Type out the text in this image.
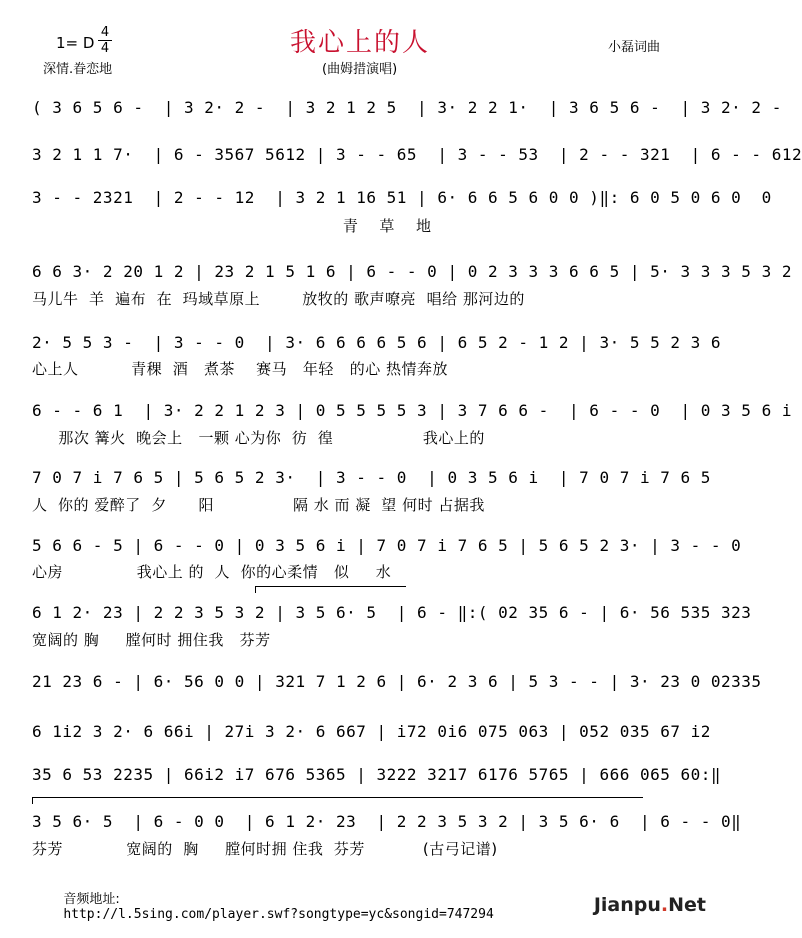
我心上的人
1= D
4
4	小磊词曲
深情.眷恋地	(曲姆措演唱)
( 3 6 5 6 -  | 3 2· 2 -  | 3 2 1 2 5  | 3· 2 2 1·  | 3 6 5 6 -  | 3 2· 2 -
3 2 1 1 7·  | 6 - 3567 5612 | 3 - - 65  | 3 - - 53  | 2 - - 321  | 6 - - 612
3 - - 2321  | 2 - - 12  | 3 2 1 16 51 | 6· 6 6 5 6 0 0 )‖: 6 0 5 0 6 0  0
青    草    地
6 6 3· 2 20 1 2 | 23 2 1 5 1 6 | 6 - - 0 | 0 2 3 3 3 6 6 5 | 5· 3 3 3 5 3 2
马儿牛  羊  遍布  在  玛域草原上        放牧的 歌声嘹亮  唱给 那河边的
2· 5 5 3 -  | 3 - - 0  | 3· 6 6 6 6 5 6 | 6 5 2 - 1 2 | 3· 5 5 2 3 6
心上人          青稞  酒   煮茶    赛马   年轻   的心 热情奔放
6 - - 6 1  | 3· 2 2 1 2 3 | 0 5 5 5 5 3 | 3 7 6 6 -  | 6 - - 0  | 0 3 5 6 i
那次 篝火  晚会上   一颗 心为你  彷  徨                 我心上的
7 0 7 i 7 6 5 | 5 6 5 2 3·  | 3 - - 0  | 0 3 5 6 i  | 7 0 7 i 7 6 5
人  你的 爱醉了  夕      阳               隔 水 而 凝  望 何时 占据我
5 6 6 - 5 | 6 - - 0 | 0 3 5 6 i | 7 0 7 i 7 6 5 | 5 6 5 2 3· | 3 - - 0
心房              我心上 的  人  你的心柔情   似     水
6 1 2· 23 | 2 2 3 5 3 2 | 3 5 6· 5  | 6 - ‖:( 02 35 6 - | 6· 56 535 323
宽阔的 胸     膛何时 拥住我   芬芳
21 23 6 - | 6· 56 0 0 | 321 7 1 2 6 | 6· 2 3 6 | 5 3 - - | 3· 23 0 02335
6 1i2 3 2· 6 66i | 27i 3 2· 6 667 | i72 0i6 075 063 | 052 035 67 i2
35 6 53 2235 | 66i2 i7 676 5365 | 3222 3217 6176 5765 | 666 065 60:‖
3 5 6· 5  | 6 - 0 0  | 6 1 2· 23  | 2 2 3 5 3 2 | 3 5 6· 6  | 6 - - 0‖
芬芳            宽阔的  胸     膛何时拥 住我  芬芳           (古弓记谱)

音频地址:
http://l.5sing.com/player.swf?songtype=yc&songid=747294
	Jianpu.Net
